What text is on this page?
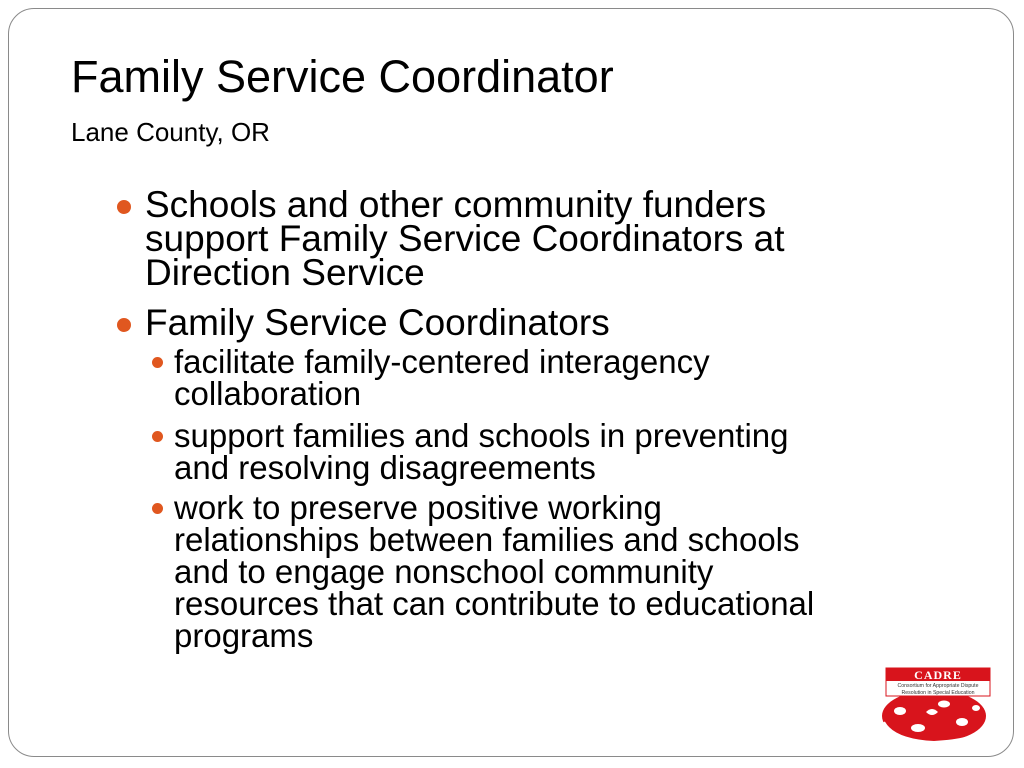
Family Service Coordinator
Lane County, OR
Schools and other community funders
support Family Service Coordinators at
Direction Service
Family Service Coordinators
facilitate family-centered interagency
collaboration
support families and schools in preventing
and resolving disagreements
work to preserve positive working
relationships between families and schools
and to engage nonschool community
resources that can contribute to educational
programs
CADRE
Consortium for Appropriate Dispute
Resolution in Special Education
